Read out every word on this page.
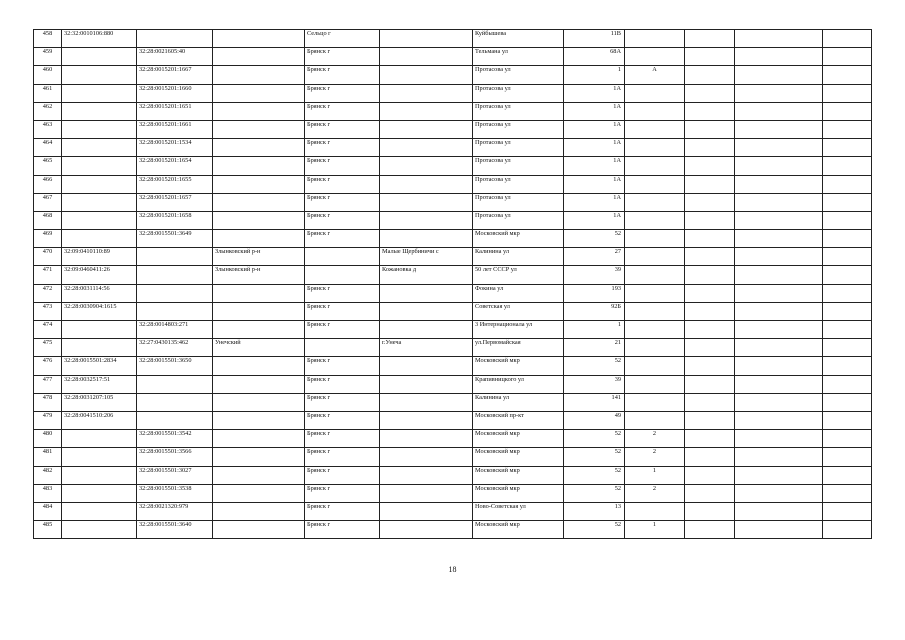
458	32:32:0010106:880			Сельцо г		Куйбышева	11В				
459		32:28:0021605:40		Брянск г		Тельмана ул	68А				
460		32:28:0015201:1667		Брянск г		Протасова ул	1	А			
461		32:28:0015201:1660		Брянск г		Протасова ул	1А				
462		32:28:0015201:1651		Брянск г		Протасова ул	1А				
463		32:28:0015201:1661		Брянск г		Протасова ул	1А				
464		32:28:0015201:1534		Брянск г		Протасова ул	1А				
465		32:28:0015201:1654		Брянск г		Протасова ул	1А				
466		32:28:0015201:1655		Брянск г		Протасова ул	1А				
467		32:28:0015201:1657		Брянск г		Протасова ул	1А				
468		32:28:0015201:1658		Брянск г		Протасова ул	1А				
469		32:28:0015501:3649		Брянск г		Московский мкр	52				
470	32:09:0410110:89		Злынковский р-н		Малые Щербиничи с	Калинина ул	27				
471	32:09:0460411:26		Злынковский р-н		Кожановка д	50 лет СССР ул	39				
472	32:28:0031114:56			Брянск г		Фокина ул	193				
473	32:28:0030904:1615			Брянск г		Советская ул	92Б				
474		32:28:0014803:271		Брянск г		3 Интернационала ул	1				
475		32:27:0430135:462	Унечский		г.Унеча	ул.Первомайская	21				
476	32:28:0015501:2834	32:28:0015501:3650		Брянск г		Московский мкр	52				
477	32:28:0032517:51			Брянск г		Крапивницкого ул	39				
478	32:28:0031207:105			Брянск г		Калинина ул	141				
479	32:28:0041510:206			Брянск г		Московский пр-кт	49				
480		32:28:0015501:3542		Брянск г		Московский мкр	52	2			
481		32:28:0015501:3566		Брянск г		Московский мкр	52	2			
482		32:28:0015501:3027		Брянск г		Московский мкр	52	1			
483		32:28:0015501:3538		Брянск г		Московский мкр	52	2			
484		32:28:0021320:979		Брянск г		Ново-Советская ул	13				
485		32:28:0015501:3640		Брянск г		Московский мкр	52	1			
18
